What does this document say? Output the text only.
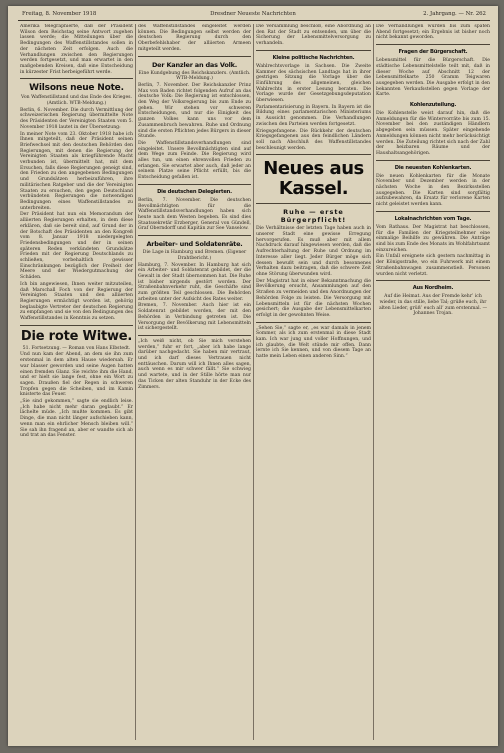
Freitag, 8. November 1918	Dresdner Neueste Nachrichten	2. Jahrgang. — Nr. 262

Amerika telegraphierte, daß der Präsident Wilson dem Reichstag seine Antwort zugehen lassen werde; die Mitteilungen über die Bedingungen des Waffenstillstandes sollen in der nächsten Zeit erfolgen. Auch die Verhandlungen zwischen den Regierungen werden fortgesetzt, und man erwartet in den maßgebenden Kreisen, daß eine Entscheidung in kürzester Frist herbeigeführt werde.

Wilsons neue Note.

Von Waffenstillstand und das Ende des Krieges. (Amtlich. WTB-Meldung.)

Berlin, 6. November. Die durch Vermittlung der schweizerischen Regierung übermittelte Note des Präsidenten der Vereinigten Staaten vom 5. November 1918 lautet in der Übersetzung:

In meiner Note vom 23. Oktober 1918 habe ich Ihnen mitgeteilt, daß der Präsident seinen Briefwechsel mit den deutschen Behörden den Regierungen, mit denen die Regierung der Vereinigten Staaten als kriegführende Macht verbunden ist, übermittelt hat, mit dem Ersuchen, falls diese Regierungen geneigt sind, den Frieden zu den angegebenen Bedingungen und Grundsätzen herbeizuführen, ihre militärischen Ratgeber und die der Vereinigten Staaten zu ersuchen, den gegen Deutschland verbündeten Regierungen die notwendigen Bedingungen eines Waffenstillstandes zu unterbreiten.

Der Präsident hat nun ein Memorandum der alliierten Regierungen erhalten, in dem diese erklären, daß sie bereit sind, auf Grund der in der Botschaft des Präsidenten an den Kongreß vom 8. Januar 1918 niedergelegten Friedensbedingungen und der in seinen späteren Reden verkündeten Grundsätze Frieden mit der Regierung Deutschlands zu schließen, vorbehaltlich gewisser Einschränkungen bezüglich der Freiheit der Meere und der Wiedergutmachung der Schäden.

Ich bin angewiesen, Ihnen weiter mitzuteilen, daß Marschall Foch von der Regierung der Vereinigten Staaten und den alliierten Regierungen ermächtigt worden ist, gehörig beglaubigte Vertreter der deutschen Regierung zu empfangen und sie von den Bedingungen des Waffenstillstandes in Kenntnis zu setzen.

Die rote Witwe.

51. Fortsetzung. — Roman von Hans Elbstedt.

Und nun kam der Abend, an dem sie ihn zum erstenmal in dem alten Hause wiedersah. Er war blasser geworden und seine Augen hatten einen fremden Glanz. Sie reichte ihm die Hand, und er hielt sie lange fest, ohne ein Wort zu sagen. Draußen fiel der Regen in schweren Tropfen gegen die Scheiben, und im Kamin knisterte das Feuer.

„Sie sind gekommen,“ sagte sie endlich leise. „Ich habe nicht mehr daran geglaubt.“ Er lächelte müde. „Ich mußte kommen. Es gibt Dinge, die man nicht länger aufschieben kann, wenn man ein ehrlicher Mensch bleiben will.“ Sie sah ihn fragend an, aber er wandte sich ab und trat an das Fenster.

des Waffenstillstandes eingeleitet werden können. Die Bedingungen selbst werden der deutschen Regierung durch den Oberbefehlshaber der alliierten Armeen mitgeteilt werden.

Der Kanzler an das Volk.

Eine Kundgebung des Reichskanzlers. (Amtlich. WTB-Meldung.)

Berlin, 7. November. Der Reichskanzler Prinz Max von Baden richtet folgenden Aufruf an das deutsche Volk: Die Regierung ist entschlossen, den Weg der Volksregierung bis zum Ende zu gehen. Wir stehen vor schweren Entscheidungen, und nur die Einigkeit des ganzen Volkes kann uns vor dem Zusammenbruch bewahren. Ruhe und Ordnung sind die ersten Pflichten jedes Bürgers in dieser Stunde.

Die Waffenstillstandsverhandlungen sind eingeleitet. Unsere Bevollmächtigten sind auf dem Wege zum Feinde. Die Regierung wird alles tun, um einen ehrenvollen Frieden zu erlangen. Sie erwartet aber auch, daß jeder an seinem Platze seine Pflicht erfüllt, bis die Entscheidung gefallen ist.

Die deutschen Delegierten.

Berlin, 7. November. Die deutschen Bevollmächtigten für die Waffenstillstandsverhandlungen haben sich heute nach dem Westen begeben. Es sind dies Staatssekretär Erzberger, General von Gündell, Graf Oberndorff und Kapitän zur See Vanselow.

Arbeiter- und Soldatenräte.

Die Lage in Hamburg und Bremen. (Eigener Drahtbericht.)

Hamburg, 7. November. In Hamburg hat sich ein Arbeiter- und Soldatenrat gebildet, der die Gewalt in der Stadt übernommen hat. Die Ruhe ist bisher nirgends gestört worden. Der Straßenbahnverkehr ruht, die Geschäfte sind zum größten Teil geschlossen. Die Behörden arbeiten unter der Aufsicht des Rates weiter.

Bremen, 7. November. Auch hier ist ein Soldatenrat gebildet worden, der mit den Behörden in Verbindung getreten ist. Die Versorgung der Bevölkerung mit Lebensmitteln ist sichergestellt.

„Ich weiß nicht, ob Sie mich verstehen werden,“ fuhr er fort, „aber ich habe lange darüber nachgedacht. Sie haben mir vertraut, und ich darf dieses Vertrauen nicht enttäuschen. Darum will ich Ihnen alles sagen, auch wenn es mir schwer fällt.“ Sie schwieg und wartete, und in der Stille hörte man nur das Ticken der alten Standuhr in der Ecke des Zimmers.

Die Versammlung beschloß, eine Abordnung an den Rat der Stadt zu entsenden, um über die Sicherung der Lebensmittelversorgung zu verhandeln.

Kleine politische Nachrichten.

Wahlrechtsvorlage in Sachsen. Die Zweite Kammer des sächsischen Landtags hat in ihrer gestrigen Sitzung die Vorlage über die Einführung des allgemeinen, gleichen Wahlrechts in erster Lesung beraten. Die Vorlage wurde der Gesetzgebungsdeputation überwiesen.

Parlamentarisierung in Bayern. In Bayern ist die Bildung eines parlamentarischen Ministeriums in Aussicht genommen. Die Verhandlungen zwischen den Parteien werden fortgesetzt.

Kriegsgefangene. Die Rückkehr der deutschen Kriegsgefangenen aus den feindlichen Ländern soll nach Abschluß des Waffenstillstandes beschleunigt werden.

Neues aus Kassel.
Ruhe — erste Bürgerpflicht!

Die Verhältnisse der letzten Tage haben auch in unserer Stadt eine gewisse Erregung hervorgerufen. Es muß aber mit allem Nachdruck darauf hingewiesen werden, daß die Aufrechterhaltung der Ruhe und Ordnung im Interesse aller liegt. Jeder Bürger möge sich dessen bewußt sein und durch besonnenes Verhalten dazu beitragen, daß die schwere Zeit ohne Störung überwunden wird.

Der Magistrat hat in einer Bekanntmachung die Bevölkerung ersucht, Ansammlungen auf den Straßen zu vermeiden und den Anordnungen der Behörden Folge zu leisten. Die Versorgung mit Lebensmitteln ist für die nächsten Wochen gesichert; die Ausgabe der Lebensmittelkarten erfolgt in der gewohnten Weise.

„Sehen Sie,“ sagte er, „es war damals in jenem Sommer, als ich zum erstenmal in diese Stadt kam. Ich war jung und voller Hoffnungen, und ich glaubte, die Welt stünde mir offen. Dann lernte ich Sie kennen, und von diesem Tage an hatte mein Leben einen anderen Sinn.“

Die Verhandlungen wurden bis zum späten Abend fortgesetzt; ein Ergebnis ist bisher noch nicht bekannt geworden.

Fragen der Bürgerschaft.

Lebensmittel für die Bürgerschaft. Die städtische Lebensmittelstelle teilt mit, daß in dieser Woche auf Abschnitt 12 der Lebensmittelkarte 250 Gramm Teigwaren ausgegeben werden. Die Ausgabe erfolgt in den bekannten Verkaufsstellen gegen Vorlage der Karte.

Kohlenzuteilung.

Die Kohlenstelle weist darauf hin, daß die Anmeldungen für die Wintervorräte bis zum 15. November bei den zuständigen Händlern abgegeben sein müssen. Später eingehende Anmeldungen können nicht mehr berücksichtigt werden. Die Zuteilung richtet sich nach der Zahl der heizbaren Räume und der Haushaltsangehörigen.

Die neuesten Kohlenkarten.

Die neuen Kohlenkarten für die Monate November und Dezember werden in der nächsten Woche in den Bezirksstellen ausgegeben. Die Karten sind sorgfältig aufzubewahren, da Ersatz für verlorene Karten nicht geleistet werden kann.

Lokalnachrichten vom Tage.

Vom Rathaus. Der Magistrat hat beschlossen, für die Familien der Kriegsteilnehmer eine einmalige Beihilfe zu gewähren. Die Anträge sind bis zum Ende des Monats im Wohlfahrtsamt einzureichen.

Ein Unfall ereignete sich gestern nachmittag in der Königsstraße, wo ein Fuhrwerk mit einem Straßenbahnwagen zusammenstieß. Personen wurden nicht verletzt.

Aus Nordheim.

Auf die Heimat. Aus der Fremde kehr’ ich wieder, in das stille, liebe Tal; grüße euch, ihr alten Lieder, grüß’ euch all’ zum erstenmal. — Johannes Trojan.
